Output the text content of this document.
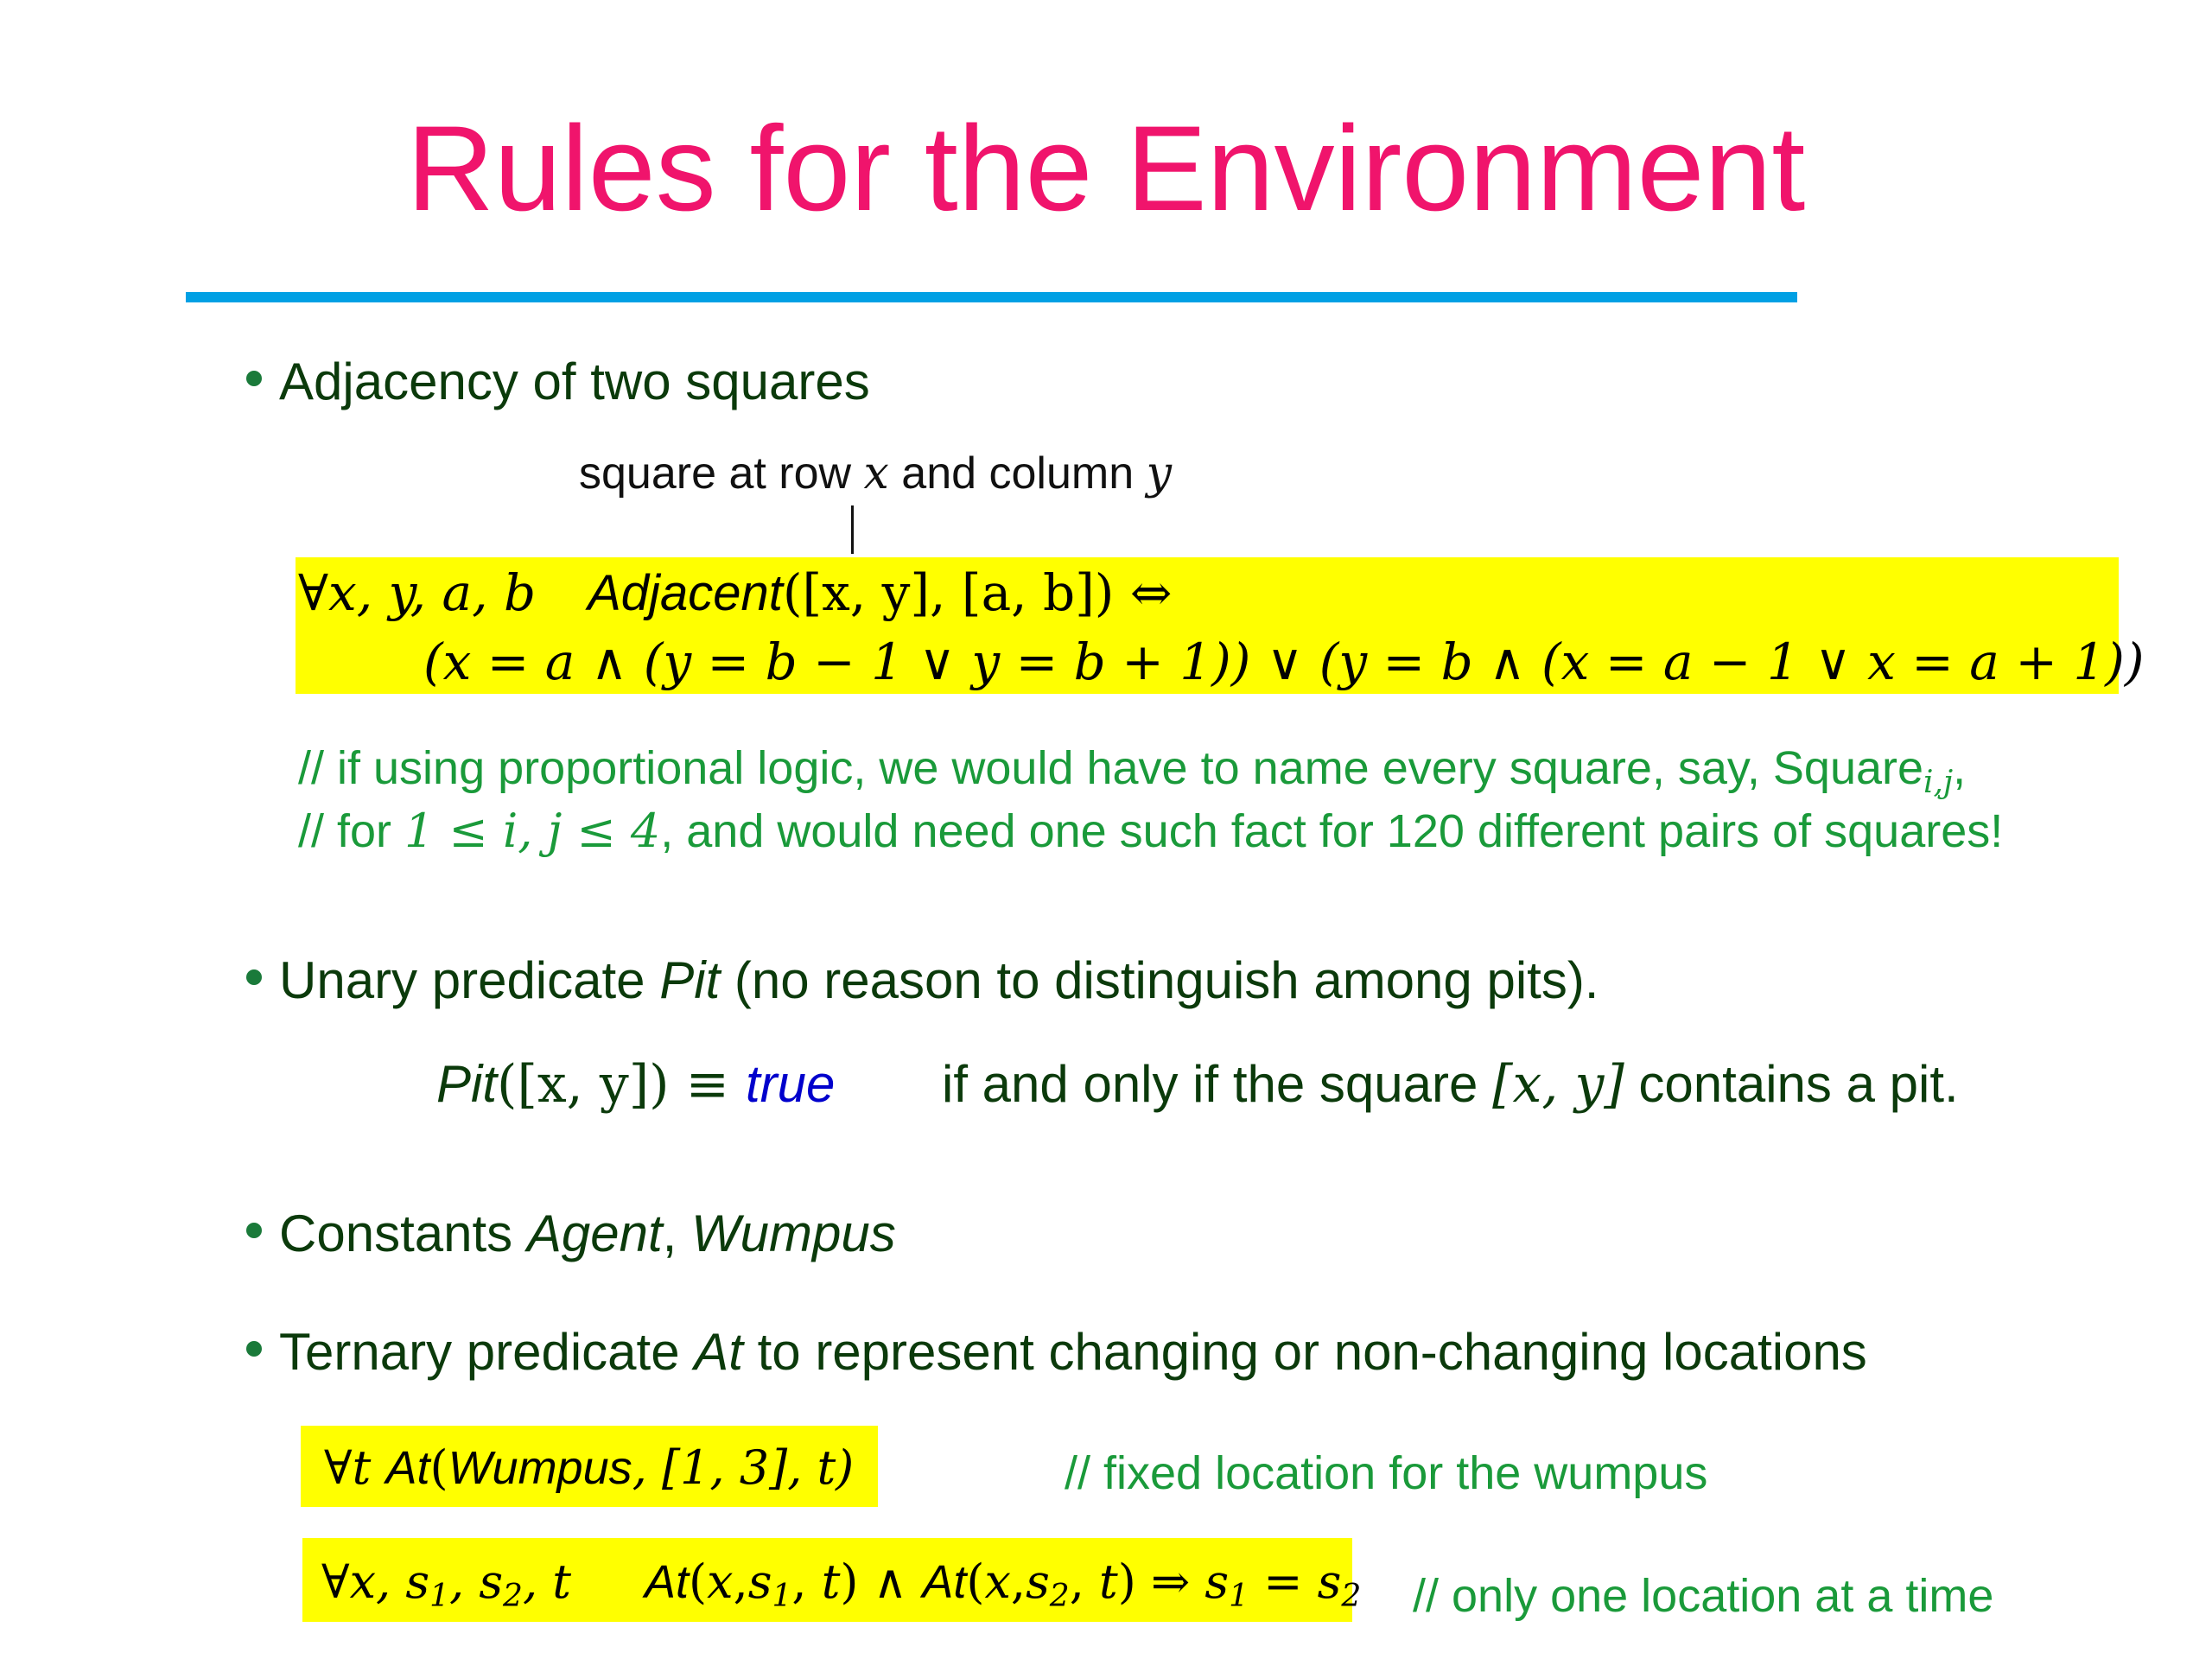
Rules for the Environment
Adjacency of two squares
square at row x and column y
∀x, y, a, b Adjacent([x, y], [a, b]) ⇔
(x = a ∧ (y = b − 1 ∨ y = b + 1)) ∨ (y = b ∧ (x = a − 1 ∨ x = a + 1))
// if using proportional logic, we would have to name every square, say, Square$_{i,j}$,
// for 1 ≤ i, j ≤ 4, and would need one such fact for 120 different pairs of squares!
Unary predicate Pit (no reason to distinguish among pits).
Pit([x, y]) ≡ true if and only if the square [x, y] contains a pit.
Constants Agent, Wumpus
Ternary predicate At to represent changing or non-changing locations
∀t At(Wumpus, [1, 3], t)	// fixed location for the wumpus
∀x, $s_1$, $s_2$, t $At(x,s_1$, t) ∧ $At(x,s_2$, t) ⇒ $s_1 = s_2$ // only one location at a time
